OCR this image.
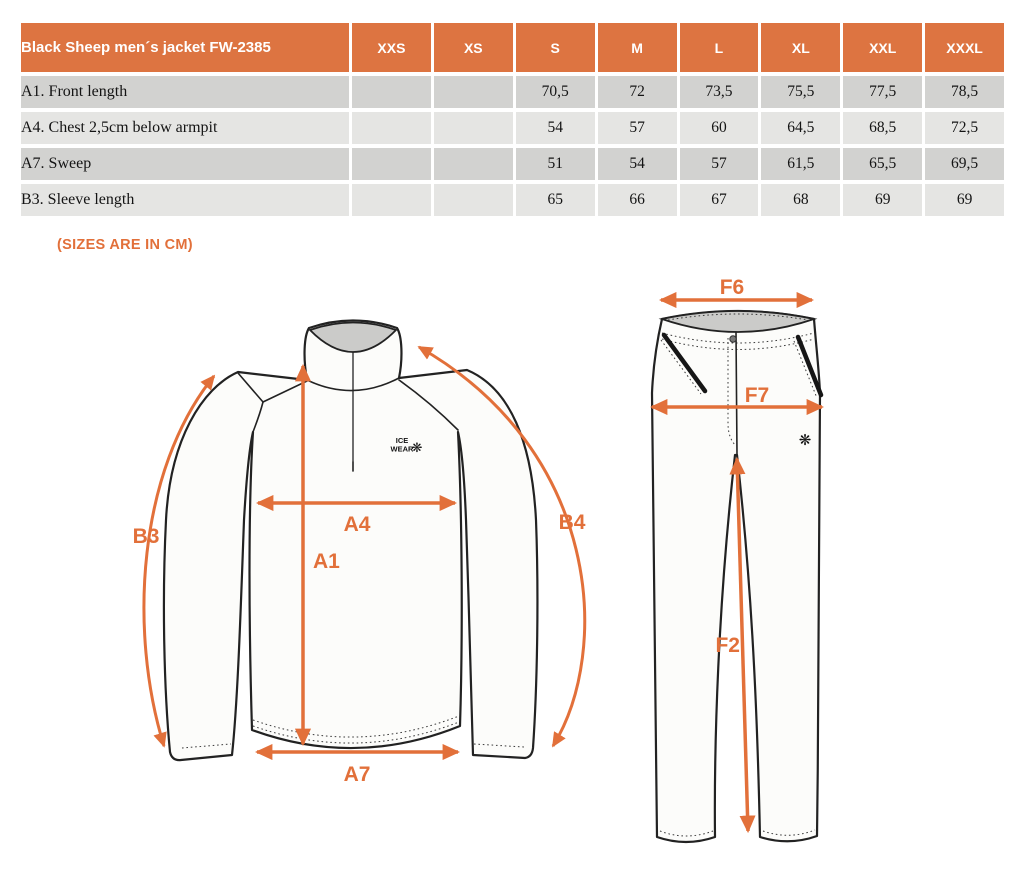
Black Sheep men´s jacket FW-2385	XXS	XS	S	M	L	XL	XXL	XXXL
A1. Front length			70,5	72	73,5	75,5	77,5	78,5
A4. Chest 2,5cm below armpit			54	57	60	64,5	68,5	72,5
A7. Sweep			51	54	57	61,5	65,5	69,5
B3. Sleeve length			65	66	67	68	69	69
(SIZES ARE IN CM)
ICE
WEAR
❋
A4
A1
A7
B3
B4
❋
F6
F7
F2
